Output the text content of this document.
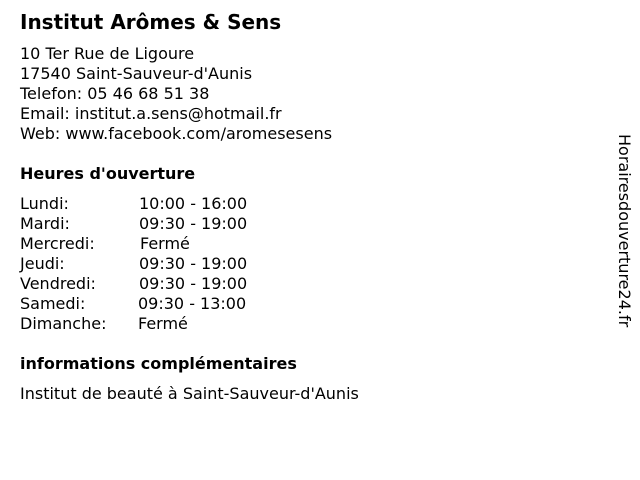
Institut Arômes & Sens
10 Ter Rue de Ligoure
17540 Saint-Sauveur-d'Aunis
Telefon: 05 46 68 51 38
Email: institut.a.sens@hotmail.fr
Web: www.facebook.com/aromesesens
Heures d'ouverture
Lundi:	10:00 - 16:00
Mardi:	09:30 - 19:00
Mercredi:	Fermé
Jeudi:	09:30 - 19:00
Vendredi:	09:30 - 19:00
Samedi:	09:30 - 13:00
Dimanche: Fermé
informations complémentaires
Institut de beauté à Saint-Sauveur-d'Aunis
Horairesdouverture24.fr
